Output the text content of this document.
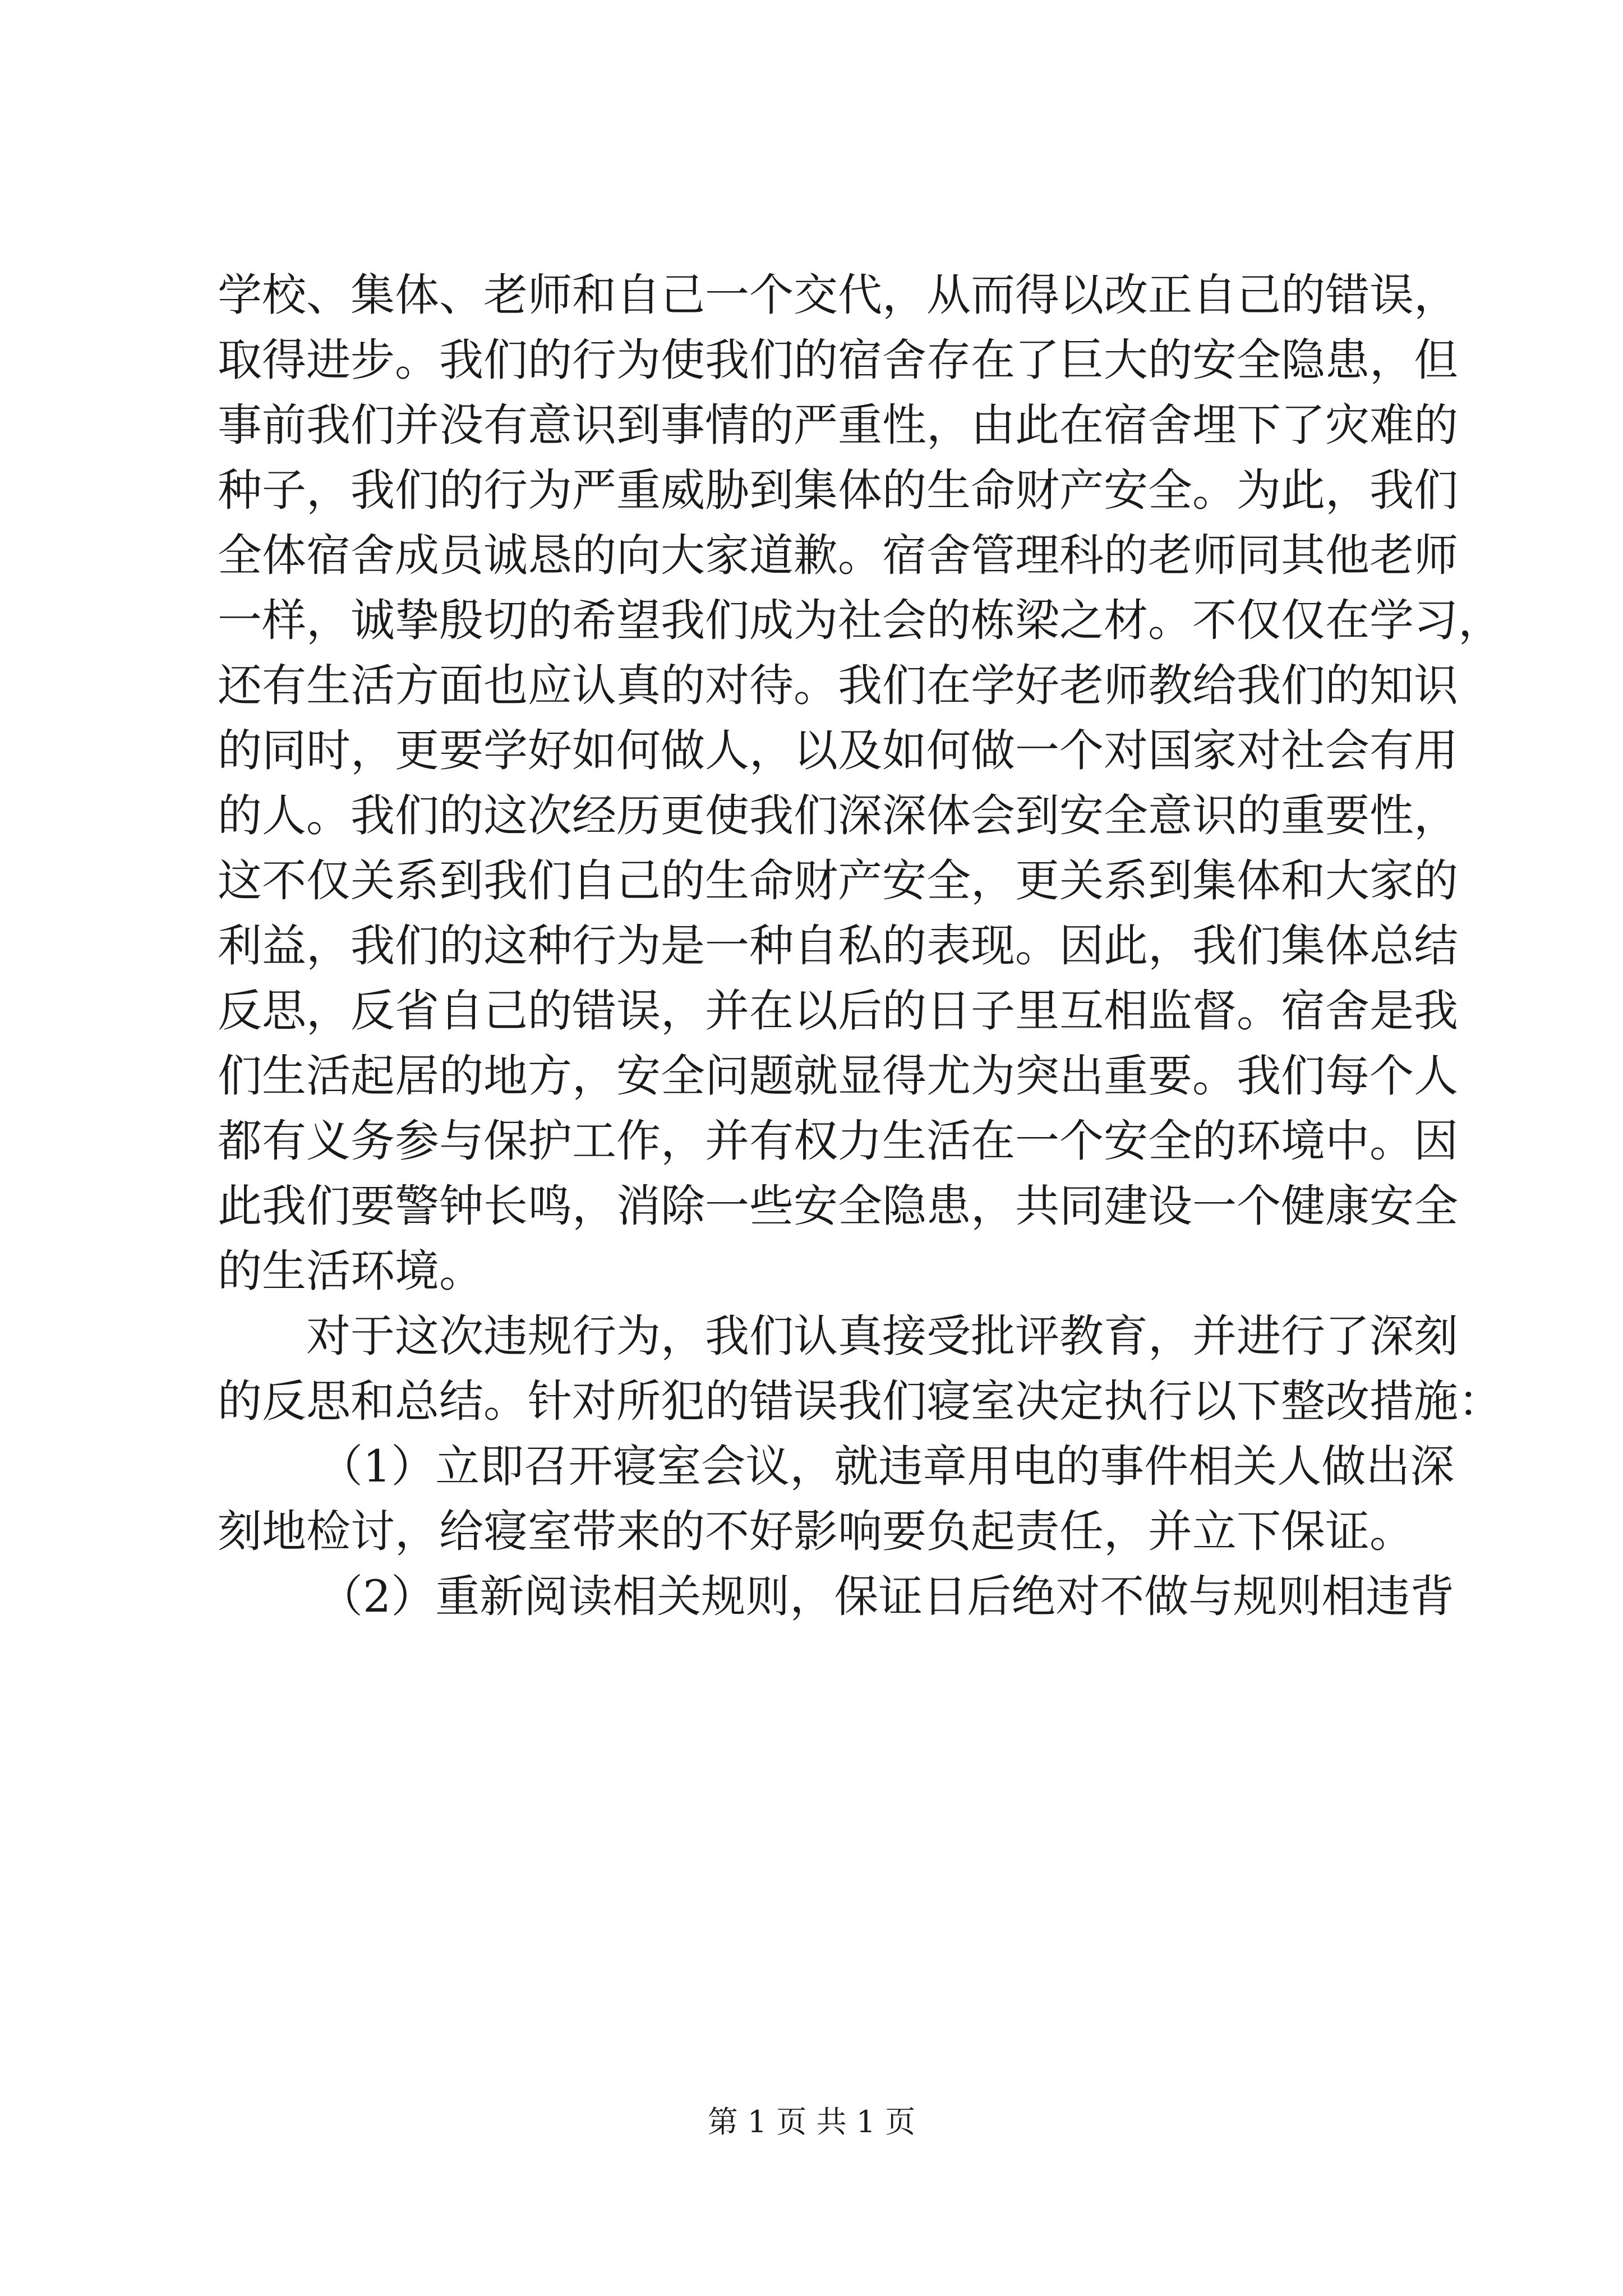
学校、集体、老师和自己一个交代，从而得以改正自己的错误，
取得进步。我们的行为使我们的宿舍存在了巨大的安全隐患，但
事前我们并没有意识到事情的严重性，由此在宿舍埋下了灾难的
种子，我们的行为严重威胁到集体的生命财产安全。为此，我们
全体宿舍成员诚恳的向大家道歉。宿舍管理科的老师同其他老师
一样，诚挚殷切的希望我们成为社会的栋梁之材。不仅仅在学习，
还有生活方面也应认真的对待。我们在学好老师教给我们的知识
的同时，更要学好如何做人，以及如何做一个对国家对社会有用
的人。我们的这次经历更使我们深深体会到安全意识的重要性，
这不仅关系到我们自己的生命财产安全，更关系到集体和大家的
利益，我们的这种行为是一种自私的表现。因此，我们集体总结
反思，反省自己的错误，并在以后的日子里互相监督。宿舍是我
们生活起居的地方，安全问题就显得尤为突出重要。我们每个人
都有义务参与保护工作，并有权力生活在一个安全的环境中。因
此我们要警钟长鸣，消除一些安全隐患，共同建设一个健康安全
的生活环境。
对于这次违规行为，我们认真接受批评教育，并进行了深刻
的反思和总结。针对所犯的错误我们寝室决定执行以下整改措施：
（1）立即召开寝室会议，就违章用电的事件相关人做出深
刻地检讨，给寝室带来的不好影响要负起责任，并立下保证。
（2）重新阅读相关规则，保证日后绝对不做与规则相违背
第 1 页 共 1 页
